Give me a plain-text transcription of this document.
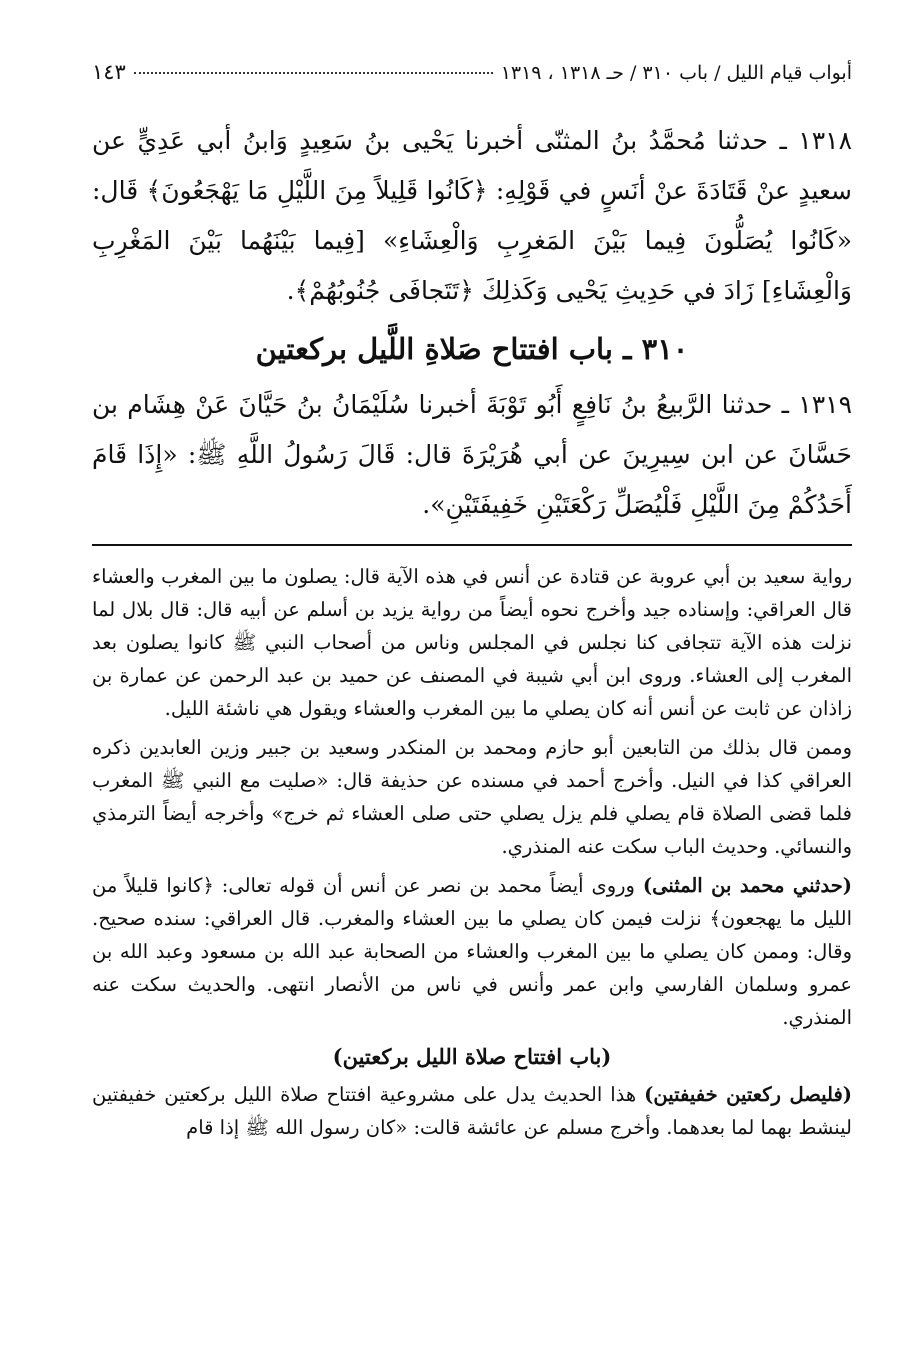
أبواب قيام الليل / باب ٣١٠ / حـ ١٣١٨ ، ١٣١٩
١٤٣

١٣١٨ ـ حدثنا مُحمَّدُ بنُ المثنّى أخبرنا يَحْيى بنُ سَعِيدٍ وَابنُ أبي عَدِيٍّ عن سعيدٍ عنْ قَتَادَةَ عنْ أنَسٍ في قَوْلِهِ: ﴿كَانُوا قَلِيلاً مِنَ اللَّيْلِ مَا يَهْجَعُونَ﴾ قَال: «كَانُوا يُصَلُّونَ فِيما بَيْنَ المَغرِبِ وَالْعِشَاءِ» [فِيما بَيْنَهُما بَيْنَ المَغْرِبِ وَالْعِشَاءِ] زَادَ في حَدِيثِ يَحْيى وَكَذلِكَ ﴿تَتَجافَى جُنُوبُهُمْ﴾.

٣١٠ ـ باب افتتاح صَلاةِ اللَّيل بركعتين

١٣١٩ ـ حدثنا الرَّبيعُ بنُ نَافِعٍ أَبُو تَوْبَةَ أخبرنا سُلَيْمَانُ بنُ حَيَّانَ عَنْ هِشَام بن حَسَّانَ عن ابن سِيرِينَ عن أبي هُرَيْرَةَ قال: قَالَ رَسُولُ اللَّهِ ﷺ: «إِذَا قَامَ أَحَدُكُمْ مِنَ اللَّيْلِ فَلْيُصَلِّ رَكْعَتَيْنِ خَفِيفَتَيْنِ».

رواية سعيد بن أبي عروبة عن قتادة عن أنس في هذه الآية قال: يصلون ما بين المغرب والعشاء قال العراقي: وإسناده جيد وأخرج نحوه أيضاً من رواية يزيد بن أسلم عن أبيه قال: قال بلال لما نزلت هذه الآية تتجافى كنا نجلس في المجلس وناس من أصحاب النبي ﷺ كانوا يصلون بعد المغرب إلى العشاء. وروى ابن أبي شيبة في المصنف عن حميد بن عبد الرحمن عن عمارة بن زاذان عن ثابت عن أنس أنه كان يصلي ما بين المغرب والعشاء ويقول هي ناشئة الليل.

وممن قال بذلك من التابعين أبو حازم ومحمد بن المنكدر وسعيد بن جبير وزين العابدين ذكره العراقي كذا في النيل. وأخرج أحمد في مسنده عن حذيفة قال: «صليت مع النبي ﷺ المغرب فلما قضى الصلاة قام يصلي فلم يزل يصلي حتى صلى العشاء ثم خرج» وأخرجه أيضاً الترمذي والنسائي. وحديث الباب سكت عنه المنذري.

(حدثني محمد بن المثنى) وروى أيضاً محمد بن نصر عن أنس أن قوله تعالى: ﴿كانوا قليلاً من الليل ما يهجعون﴾ نزلت فيمن كان يصلي ما بين العشاء والمغرب. قال العراقي: سنده صحيح. وقال: وممن كان يصلي ما بين المغرب والعشاء من الصحابة عبد الله بن مسعود وعبد الله بن عمرو وسلمان الفارسي وابن عمر وأنس في ناس من الأنصار انتهى. والحديث سكت عنه المنذري.

(باب افتتاح صلاة الليل بركعتين)

(فليصل ركعتين خفيفتين) هذا الحديث يدل على مشروعية افتتاح صلاة الليل بركعتين خفيفتين لينشط بهما لما بعدهما. وأخرج مسلم عن عائشة قالت: «كان رسول الله ﷺ إذا قام
